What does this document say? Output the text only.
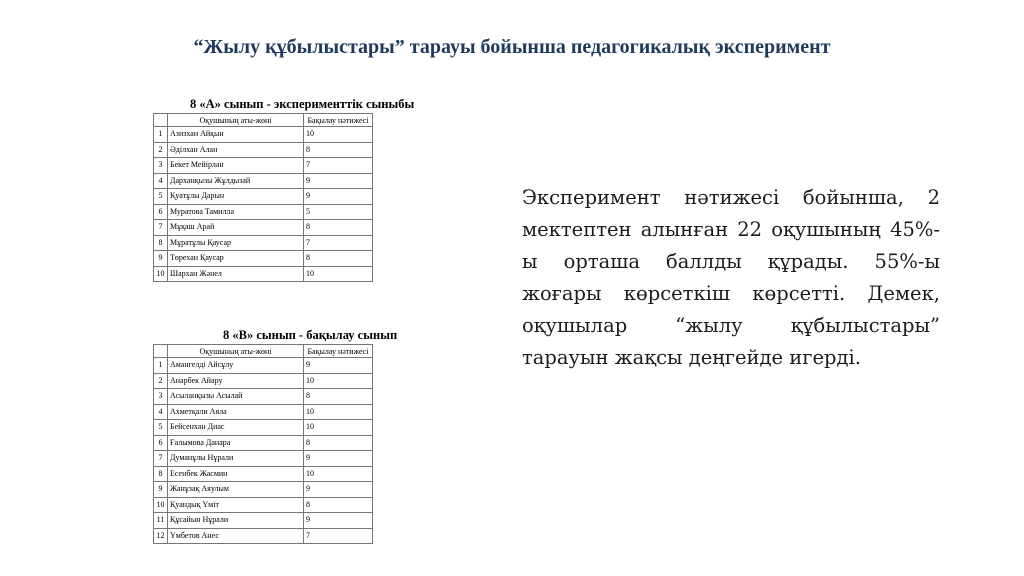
“Жылу құбылыстары” тарауы бойынша педагогикалық эксперимент
8 «А» сынып - эксперименттік сыныбы
	Оқушының аты-жөні	Бақылау нәтижесі
1	Азизхан Айқын	10
2	Әділхан Алан	8
3	Бекет Мейірлан	7
4	Дарханқызы Жұлдызай	9
5	Қуатұлы Дарын	9
6	Муратова Тамилла	5
7	Мұқаш Арай	8
8	Мұратұлы Қаусар	7
9	Төрехан Қаусар	8
10	Шархан Жәнел	10
8 «В» сынып - бақылау сынып
	Оқушының аты-жөні	Бақылау нәтижесі
1	Амангелді Айсұлу	9
2	Анарбек Айару	10
3	Асыланқызы Асылай	8
4	Ахметқали Аяла	10
5	Бейсенхан Диас	10
6	Ғалымова Данара	8
7	Думанұлы Нұрали	9
8	Есенбек Жасмин	10
9	Жанұзақ Аяулым	9
10	Қуандық Үміт	8
11	Құсайын Нұрали	9
12	Үмбетов Анес	7
Эксперимент нәтижесі бойынша, 2 мектептен алынған 22 оқушының 45%-ы орташа баллды құрады. 55%-ы жоғары көрсеткіш көрсетті. Демек, оқушылар “жылу құбылыстары” тарауын жақсы деңгейде игерді.
